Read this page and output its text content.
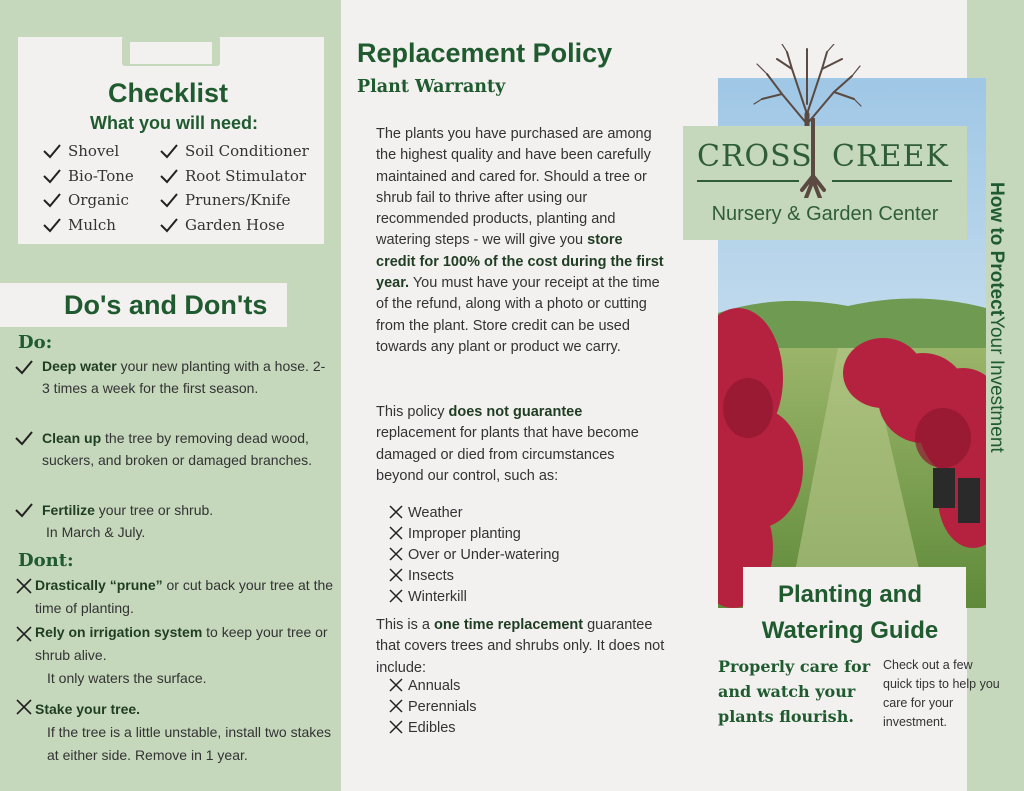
Checklist
What you will need:
Shovel
Bio-Tone
Organic
Mulch
Soil Conditioner
Root Stimulator
Pruners/Knife
Garden Hose
Do's and Don'ts
Do:
Deep water your new planting with a hose. 2-3 times a week for the first season.
Clean up the tree by removing dead wood, suckers, and broken or damaged branches.
Fertilize your tree or shrub.
In March & July.
Dont:
Drastically “prune” or cut back your tree at the time of planting.
Rely on irrigation system to keep your tree or shrub alive.
It only waters the surface.
Stake your tree.
If the tree is a little unstable, install two stakes at either side. Remove in 1 year.
Replacement Policy
Plant Warranty
The plants you have purchased are among the highest quality and have been carefully maintained and cared for. Should a tree or shrub fail to thrive after using our recommended products, planting and watering steps - we will give you store credit for 100% of the cost during the first year. You must have your receipt at the time of the refund, along with a photo or cutting from the plant. Store credit can be used towards any plant or product we carry.
This policy does not guarantee replacement for plants that have become damaged or died from circumstances beyond our control, such as:
Weather
Improper planting
Over or Under-watering
Insects
Winterkill
This is a one time replacement guarantee that covers trees and shrubs only. It does not include:
Annuals
Perennials
Edibles
CROSS CREEK
Nursery & Garden Center
Planting and Watering Guide
Properly care for and watch your plants flourish.
Check out a few quick tips to help you care for your investment.
How to ProtectYour Investment
